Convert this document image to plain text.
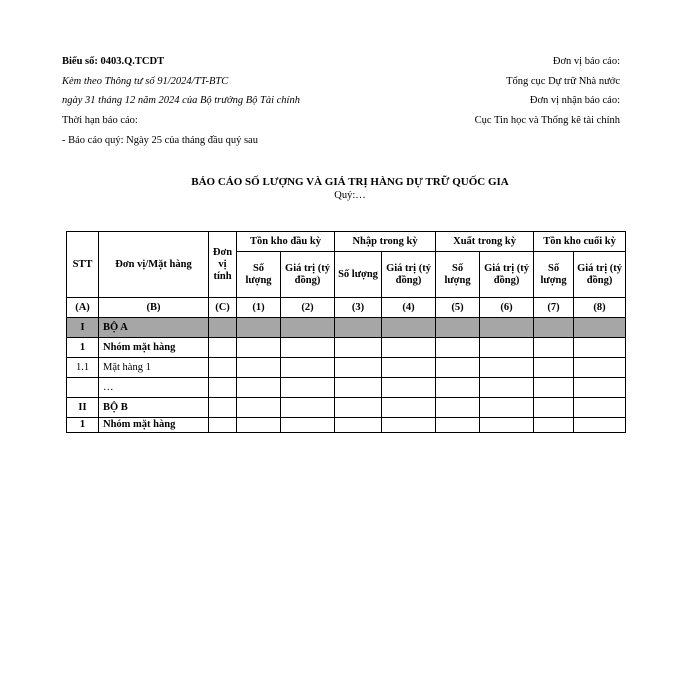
Biểu số: 0403.Q.TCDT
Kèm theo Thông tư số 91/2024/TT-BTC
ngày 31 tháng 12 năm 2024 của Bộ trưởng Bộ Tài chính
Thời hạn báo cáo:
- Báo cáo quý: Ngày 25 của tháng đầu quý sau
Đơn vị báo cáo:
Tổng cục Dự trữ Nhà nước
Đơn vị nhận báo cáo:
Cục Tin học và Thống kê tài chính
BÁO CÁO SỐ LƯỢNG VÀ GIÁ TRỊ HÀNG DỰ TRỮ QUỐC GIA
Quý:…
STT	Đơn vị/Mặt hàng	Đơn vị tính	Tồn kho đầu kỳ		Nhập trong kỳ		Xuất trong kỳ		Tồn kho cuối kỳ	
			Số lượng	Giá trị (tỷ đồng)	Số lượng	Giá trị (tỷ đồng)	Số lượng	Giá trị (tỷ đồng)	Số lượng	Giá trị (tỷ đồng)
(A)	(B)	(C)	(1)	(2)	(3)	(4)	(5)	(6)	(7)	(8)
I	BỘ A									
1	Nhóm mặt hàng									
1.1	Mặt hàng 1									
	…									
II	BỘ B									
1	Nhóm mặt hàng									
